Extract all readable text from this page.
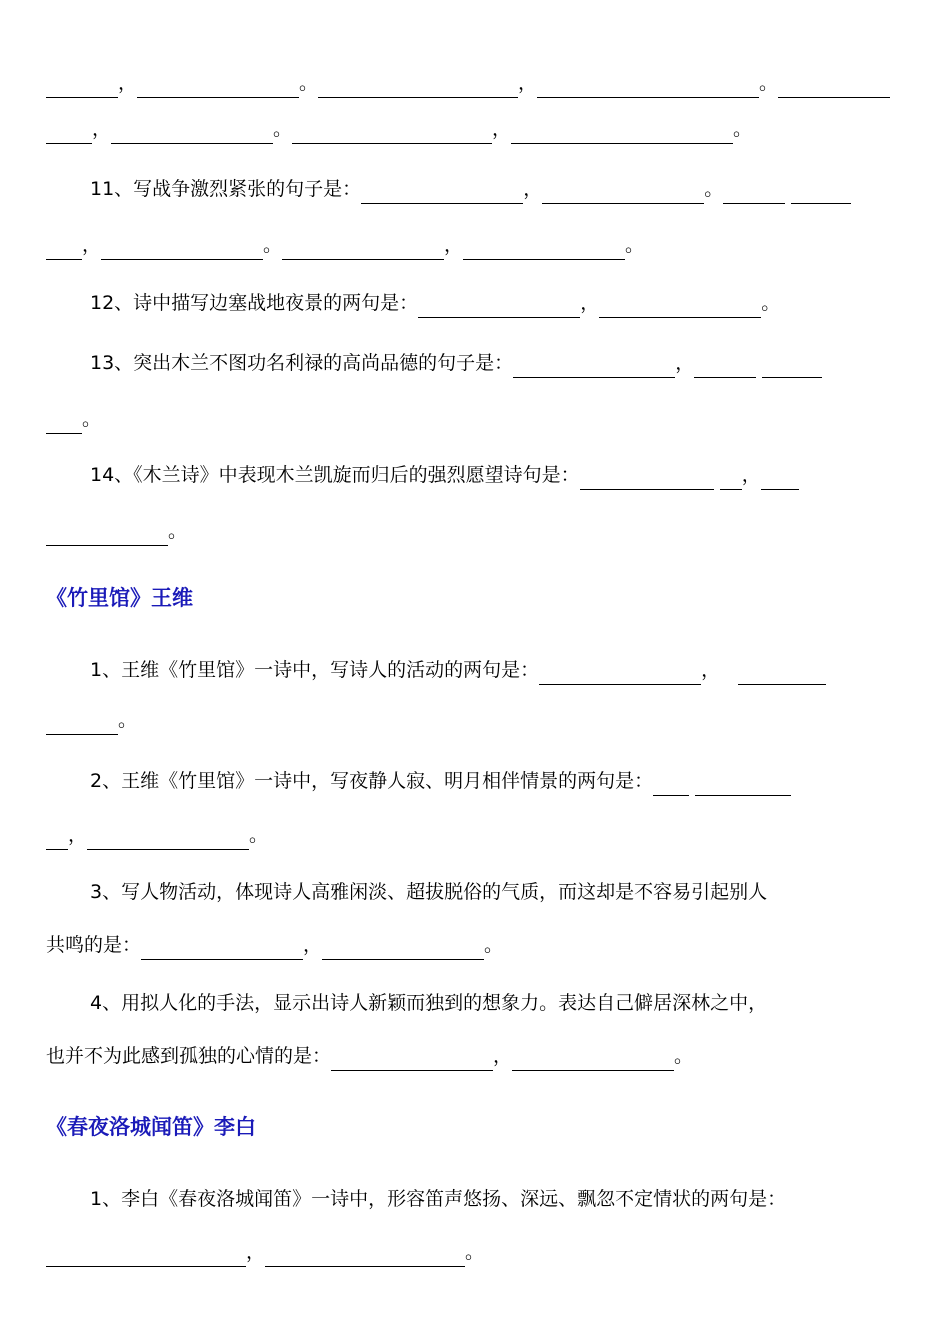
，	。	，	。
，	。	，	。
11、写战争激烈紧张的句子是：	，	。
，	。	，	。
12、诗中描写边塞战地夜景的两句是：	，	。
13、突出木兰不图功名利禄的高尚品德的句子是：	，
。
14、《木兰诗》中表现木兰凯旋而归后的强烈愿望诗句是：	，
。
《竹里馆》王维
1、王维《竹里馆》一诗中，写诗人的活动的两句是：	，
。
2、王维《竹里馆》一诗中，写夜静人寂、明月相伴情景的两句是：
，	。
3、写人物活动，体现诗人高雅闲淡、超拔脱俗的气质，而这却是不容易引起别人
共鸣的是：	，	。
4、用拟人化的手法，显示出诗人新颖而独到的想象力。表达自己僻居深林之中，
也并不为此感到孤独的心情的是：	，	。
《春夜洛城闻笛》李白
1、李白《春夜洛城闻笛》一诗中，形容笛声悠扬、深远、飘忽不定情状的两句是：
，	。
